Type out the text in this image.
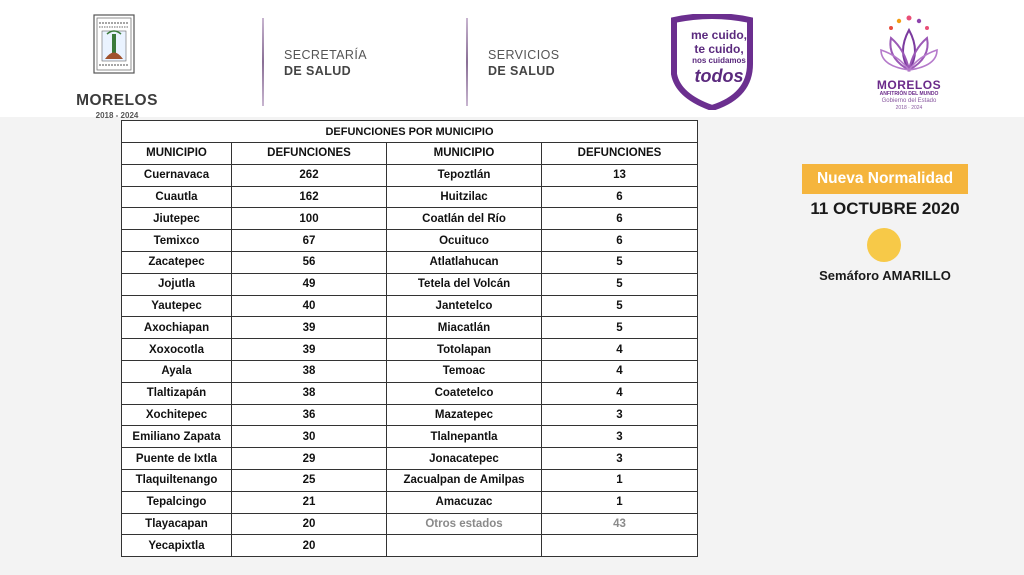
MORELOS
2018 - 2024
SECRETARÍA
DE SALUD
SERVICIOS
DE SALUD
me cuido,
te cuido,
nos cuidamos
todos	MORELOS
ANFITRIÓN DEL MUNDO
Gobierno del Estado
2018 · 2024
DEFUNCIONES POR MUNICIPIO			
MUNICIPIO	DEFUNCIONES	MUNICIPIO	DEFUNCIONES
Cuernavaca	262	Tepoztlán	13
Cuautla	162	Huitzilac	6
Jiutepec	100	Coatlán del Río	6
Temixco	67	Ocuituco	6
Zacatepec	56	Atlatlahucan	5
Jojutla	49	Tetela del Volcán	5
Yautepec	40	Jantetelco	5
Axochiapan	39	Miacatlán	5
Xoxocotla	39	Totolapan	4
Ayala	38	Temoac	4
Tlaltizapán	38	Coatetelco	4
Xochitepec	36	Mazatepec	3
Emiliano Zapata	30	Tlalnepantla	3
Puente de Ixtla	29	Jonacatepec	3
Tlaquiltenango	25	Zacualpan de Amilpas	1
Tepalcingo	21	Amacuzac	1
Tlayacapan	20	Otros estados	43
Yecapixtla	20		
Nueva Normalidad
11 OCTUBRE 2020
Semáforo AMARILLO
